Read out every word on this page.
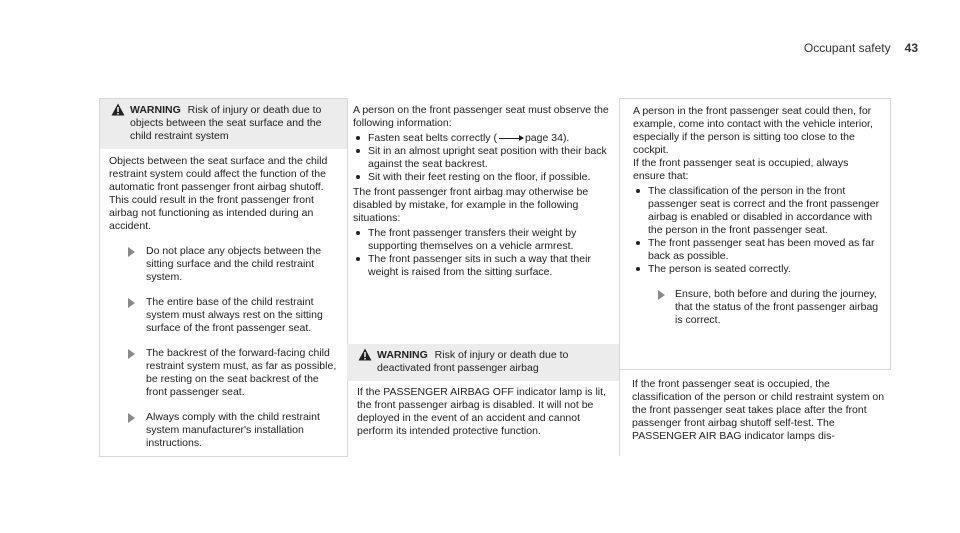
Occupant safety 43
WARNING Risk of injury or death due to objects between the seat surface and the child restraint system

Objects between the seat surface and the child restraint system could affect the function of the automatic front passenger front airbag shutoff.

This could result in the front passenger front airbag not functioning as intended during an accident.

Do not place any objects between the sitting surface and the child restraint system.
The entire base of the child restraint system must always rest on the sitting surface of the front passenger seat.
The backrest of the forward-facing child restraint system must, as far as possible, be resting on the seat backrest of the front passenger seat.
Always comply with the child restraint system manufacturer's installation instructions.

A person on the front passenger seat must observe the following information:

Fasten seat belts correctly (	page 34).
Sit in an almost upright seat position with their back against the seat backrest.
Sit with their feet resting on the floor, if possible.

The front passenger front airbag may otherwise be disabled by mistake, for example in the following situations:

The front passenger transfers their weight by supporting themselves on a vehicle armrest.
The front passenger sits in such a way that their weight is raised from the sitting surface.
WARNING Risk of injury or death due to deactivated front passenger airbag

If the PASSENGER AIRBAG OFF indicator lamp is lit, the front passenger airbag is disabled. It will not be deployed in the event of an accident and cannot perform its intended protective function.

A person in the front passenger seat could then, for example, come into contact with the vehicle interior, especially if the person is sitting too close to the cockpit.

If the front passenger seat is occupied, always ensure that:

The classification of the person in the front passenger seat is correct and the front passenger airbag is enabled or disabled in accordance with the person in the front passenger seat.
The front passenger seat has been moved as far back as possible.
The person is seated correctly.
Ensure, both before and during the journey, that the status of the front passenger airbag is correct.

If the front passenger seat is occupied, the classification of the person or child restraint system on the front passenger seat takes place after the front passenger front airbag shutoff self-test. The PASSENGER AIR BAG indicator lamps dis-
